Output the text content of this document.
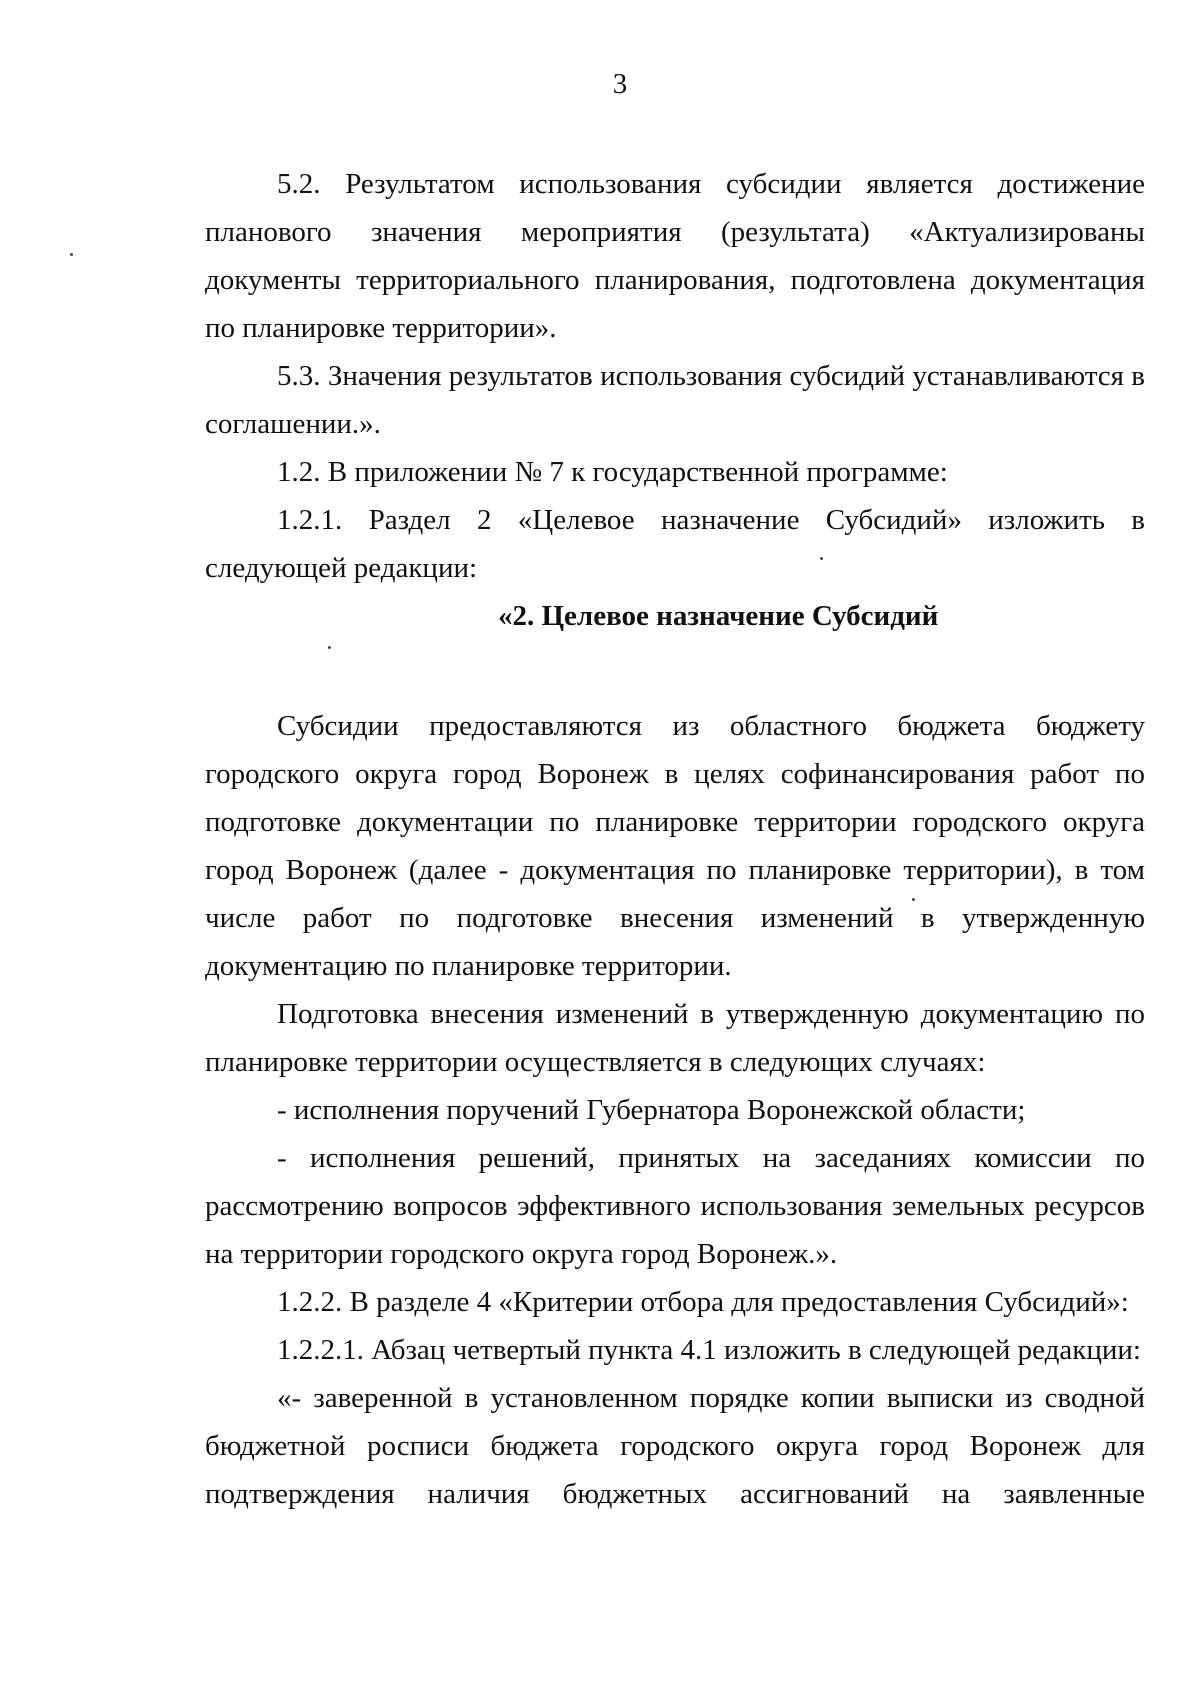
3

5.2. Результатом использования субсидии является достижение планового значения мероприятия (результата) «Актуализированы документы территориального планирования, подготовлена документация по планировке территории».

5.3. Значения результатов использования субсидий устанавливаются в соглашении.».

1.2. В приложении № 7 к государственной программе:

1.2.1. Раздел 2 «Целевое назначение Субсидий» изложить в следующей редакции:

«2. Целевое назначение Субсидий

Субсидии предоставляются из областного бюджета бюджету городского округа город Воронеж в целях софинансирования работ по подготовке документации по планировке территории городского округа город Воронеж (далее - документация по планировке территории), в том числе работ по подготовке внесения изменений в утвержденную документацию по планировке территории.

Подготовка внесения изменений в утвержденную документацию по планировке территории осуществляется в следующих случаях:

- исполнения поручений Губернатора Воронежской области;

- исполнения решений, принятых на заседаниях комиссии по рассмотрению вопросов эффективного использования земельных ресурсов на территории городского округа город Воронеж.».

1.2.2. В разделе 4 «Критерии отбора для предоставления Субсидий»:

1.2.2.1. Абзац четвертый пункта 4.1 изложить в следующей редакции:

«- заверенной в установленном порядке копии выписки из сводной бюджетной росписи бюджета городского округа город Воронеж для подтверждения наличия бюджетных ассигнований на заявленные
